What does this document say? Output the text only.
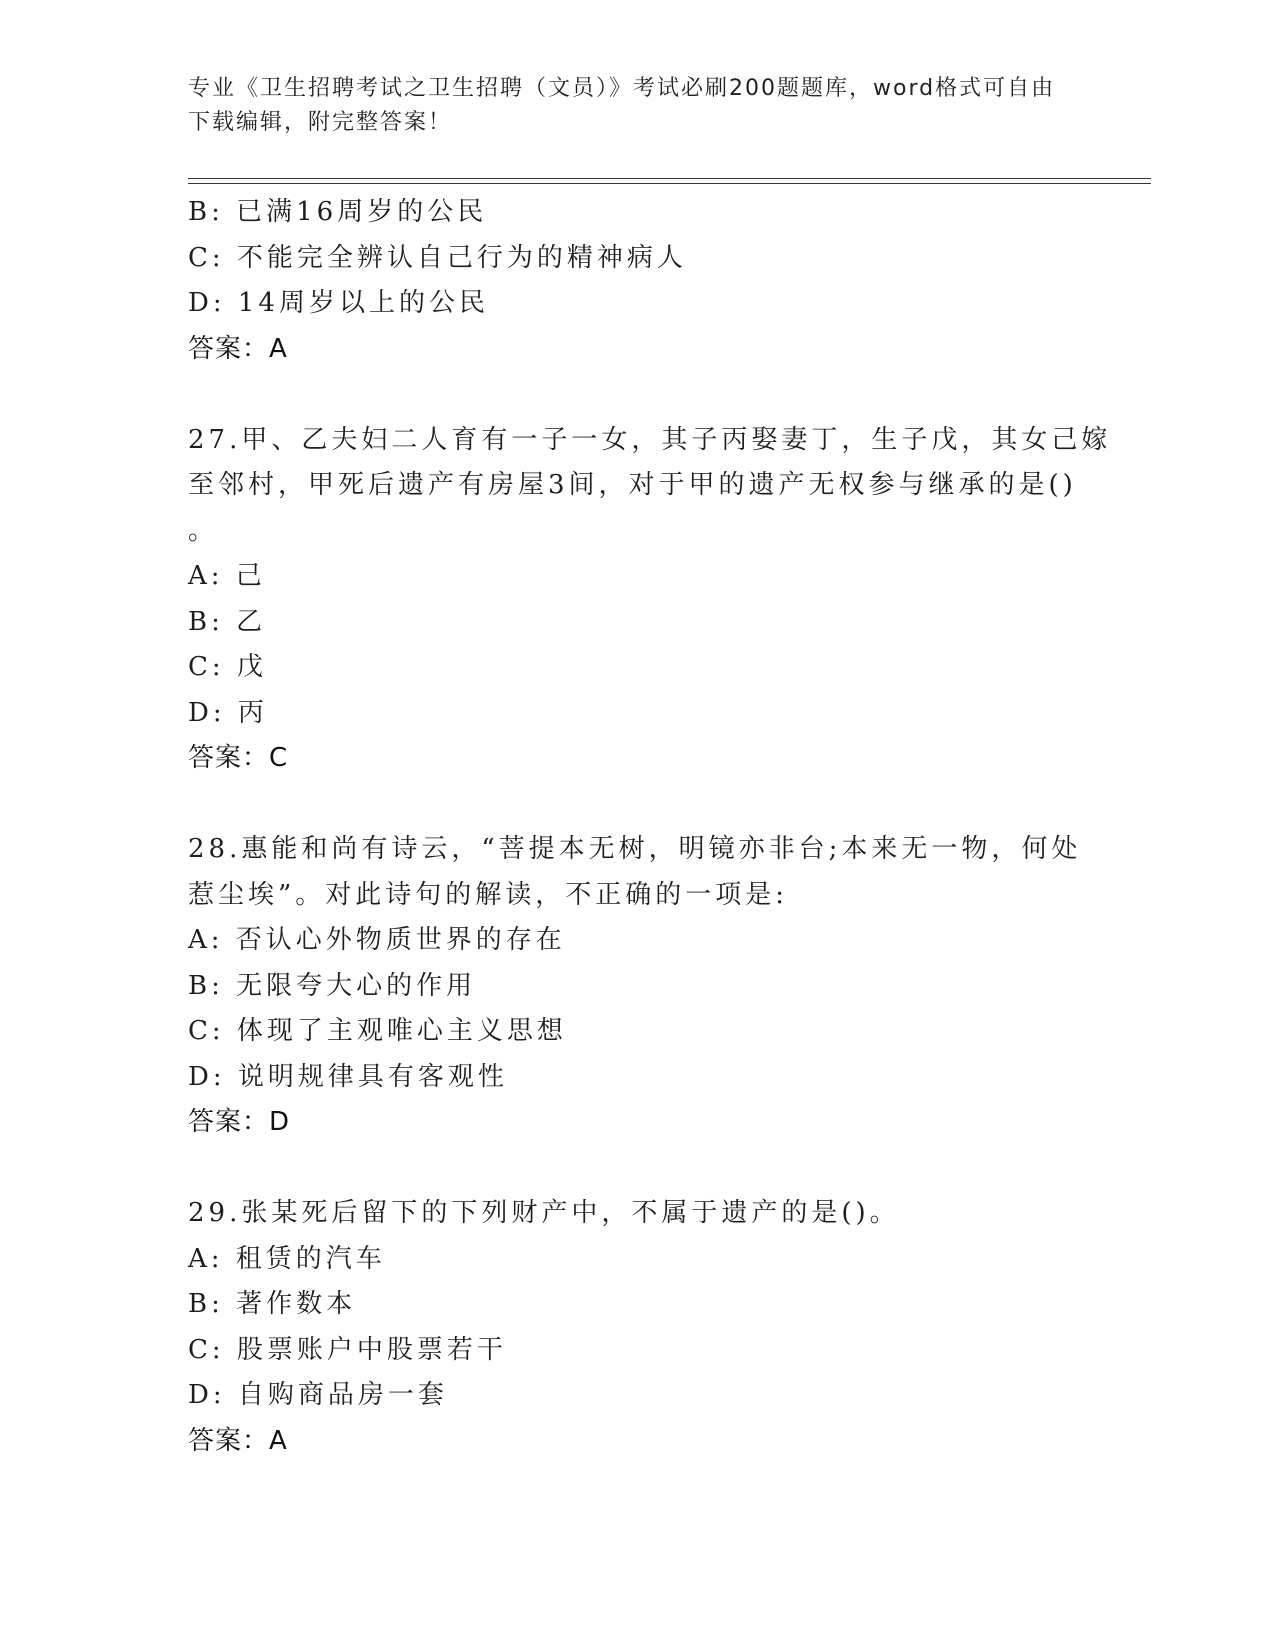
专业《卫生招聘考试之卫生招聘（文员）》考试必刷200题题库，word格式可自由下载编辑，附完整答案！
B: 已满16周岁的公民
C: 不能完全辨认自己行为的精神病人
D: 14周岁以上的公民
答案：A
27.甲、乙夫妇二人育有一子一女，其子丙娶妻丁，生子戊，其女己嫁
至邻村，甲死后遗产有房屋3间，对于甲的遗产无权参与继承的是()
。
A: 己
B: 乙
C: 戊
D: 丙
答案：C
28.惠能和尚有诗云，“菩提本无树，明镜亦非台;本来无一物，何处
惹尘埃”。对此诗句的解读，不正确的一项是:
A: 否认心外物质世界的存在
B: 无限夸大心的作用
C: 体现了主观唯心主义思想
D: 说明规律具有客观性
答案：D
29.张某死后留下的下列财产中，不属于遗产的是()。
A: 租赁的汽车
B: 著作数本
C: 股票账户中股票若干
D: 自购商品房一套
答案：A
